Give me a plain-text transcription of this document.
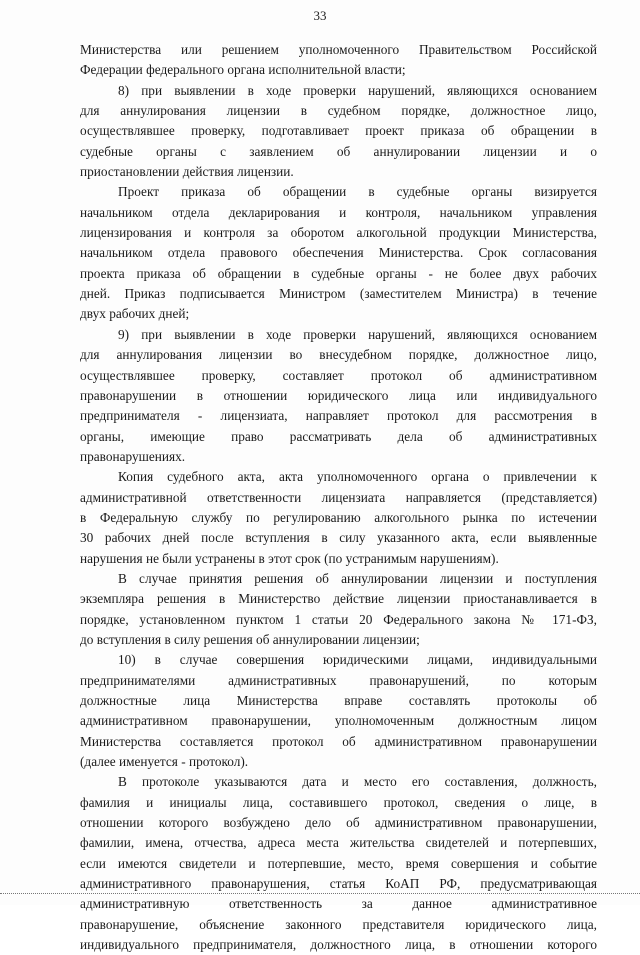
33
Министерства или решением уполномоченного Правительством Российской
Федерации федерального органа исполнительной власти;
8) при выявлении в ходе проверки нарушений, являющихся основанием
для аннулирования лицензии в судебном порядке, должностное лицо,
осуществлявшее проверку, подготавливает проект приказа об обращении в
судебные органы с заявлением об аннулировании лицензии и о
приостановлении действия лицензии.
Проект приказа об обращении в судебные органы визируется
начальником отдела декларирования и контроля, начальником управления
лицензирования и контроля за оборотом алкогольной продукции Министерства,
начальником отдела правового обеспечения Министерства. Срок согласования
проекта приказа об обращении в судебные органы - не более двух рабочих
дней. Приказ подписывается Министром (заместителем Министра) в течение
двух рабочих дней;
9) при выявлении в ходе проверки нарушений, являющихся основанием
для аннулирования лицензии во внесудебном порядке, должностное лицо,
осуществлявшее проверку, составляет протокол об административном
правонарушении в отношении юридического лица или индивидуального
предпринимателя - лицензиата, направляет протокол для рассмотрения в
органы, имеющие право рассматривать дела об административных
правонарушениях.
Копия судебного акта, акта уполномоченного органа о привлечении к
административной ответственности лицензиата направляется (представляется)
в Федеральную службу по регулированию алкогольного рынка по истечении
30 рабочих дней после вступления в силу указанного акта, если выявленные
нарушения не были устранены в этот срок (по устранимым нарушениям).
В случае принятия решения об аннулировании лицензии и поступления
экземпляра решения в Министерство действие лицензии приостанавливается в
порядке, установленном пунктом 1 статьи 20 Федерального закона № 171-ФЗ,
до вступления в силу решения об аннулировании лицензии;
10) в случае совершения юридическими лицами, индивидуальными
предпринимателями административных правонарушений, по которым
должностные лица Министерства вправе составлять протоколы об
административном правонарушении, уполномоченным должностным лицом
Министерства составляется протокол об административном правонарушении
(далее именуется - протокол).
В протоколе указываются дата и место его составления, должность,
фамилия и инициалы лица, составившего протокол, сведения о лице, в
отношении которого возбуждено дело об административном правонарушении,
фамилии, имена, отчества, адреса места жительства свидетелей и потерпевших,
если имеются свидетели и потерпевшие, место, время совершения и событие
административного правонарушения, статья КоАП РФ, предусматривающая
административную ответственность за данное административное
правонарушение, объяснение законного представителя юридического лица,
индивидуального предпринимателя, должностного лица, в отношении которого
